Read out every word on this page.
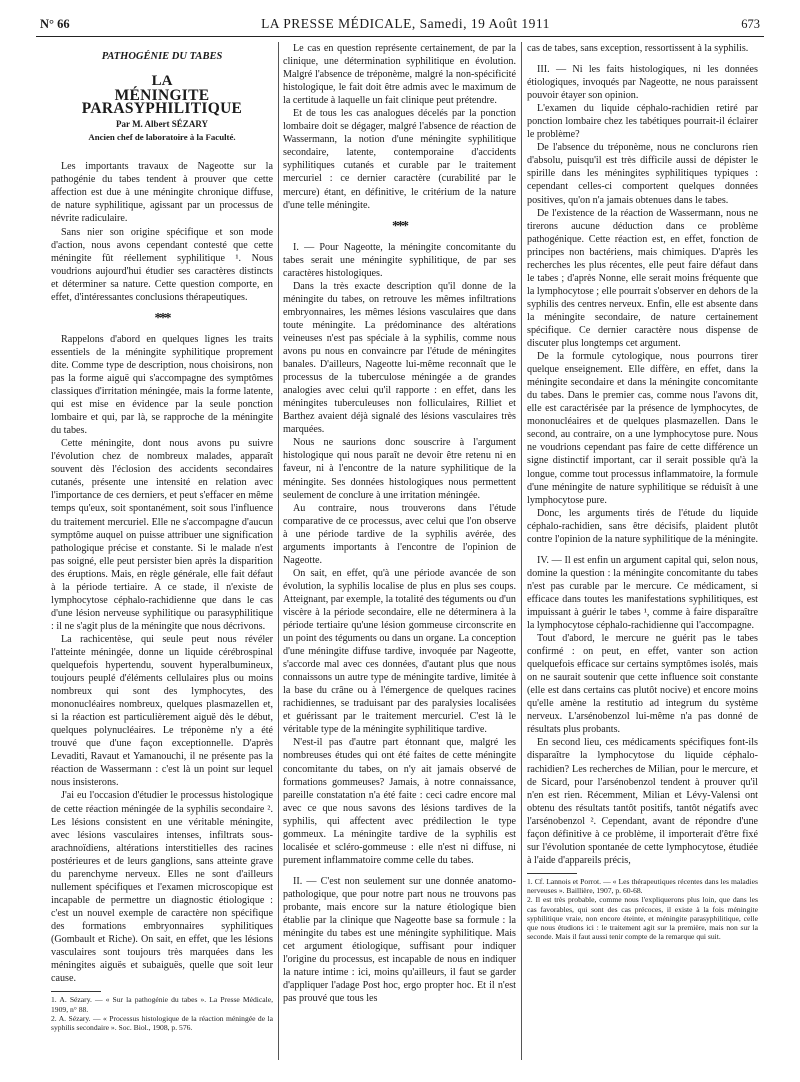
N° 66	LA PRESSE MÉDICALE, Samedi, 19 Août 1911	673

PATHOGÉNIE DU TABES

LA

MÉNINGITE PARASYPHILITIQUE

Par M. Albert SÉZARY

Ancien chef de laboratoire à la Faculté.

Les importants travaux de Nageotte sur la pathogénie du tabes tendent à prouver que cette affection est due à une méningite chronique diffuse, de nature syphilitique, agissant par un processus de névrite radiculaire.

Sans nier son origine spécifique et son mode d'action, nous avons cependant contesté que cette méningite fût réellement syphilitique ¹. Nous voudrions aujourd'hui étudier ses caractères distincts et déterminer sa nature. Cette question comporte, en effet, d'intéressantes conclusions thérapeutiques.

***

Rappelons d'abord en quelques lignes les traits essentiels de la méningite syphilitique proprement dite. Comme type de description, nous choisirons, non pas la forme aiguë qui s'accompagne des symptômes classiques d'irritation méningée, mais la forme latente, qui est mise en évidence par la seule ponction lombaire et qui, par là, se rapproche de la méningite du tabes.

Cette méningite, dont nous avons pu suivre l'évolution chez de nombreux malades, apparaît souvent dès l'éclosion des accidents secondaires cutanés, présente une intensité en relation avec l'importance de ces derniers, et peut s'effacer en même temps qu'eux, soit spontanément, soit sous l'influence du traitement mercuriel. Elle ne s'accompagne d'aucun symptôme auquel on puisse attribuer une signification pathologique précise et constante. Si le malade n'est pas soigné, elle peut persister bien après la disparition des éruptions. Mais, en règle générale, elle fait défaut à la période tertiaire. A ce stade, il n'existe de lymphocytose céphalo-rachidienne que dans le cas d'une lésion nerveuse syphilitique ou parasyphilitique : il ne s'agit plus de la méningite que nous décrivons.

La rachicentèse, qui seule peut nous révéler l'atteinte méningée, donne un liquide cérébrospinal quelquefois hypertendu, souvent hyperalbumineux, toujours peuplé d'éléments cellulaires plus ou moins nombreux qui sont des lymphocytes, des mononucléaires nombreux, quelques plasmazellen et, si la réaction est particulièrement aiguë dès le début, quelques polynucléaires. Le tréponème n'y a été trouvé que d'une façon exceptionnelle. D'après Levaditi, Ravaut et Yamanouchi, il ne présente pas la réaction de Wassermann : c'est là un point sur lequel nous insisterons.

J'ai eu l'occasion d'étudier le processus histologique de cette réaction méningée de la syphilis secondaire ². Les lésions consistent en une véritable méningite, avec lésions vasculaires intenses, infiltrats sous-arachnoïdiens, altérations interstitielles des racines postérieures et de leurs ganglions, sans atteinte grave du parenchyme nerveux. Elles ne sont d'ailleurs nullement spécifiques et l'examen microscopique est incapable de permettre un diagnostic étiologique : c'est un nouvel exemple de caractère non spécifique des formations embryonnaires syphilitiques (Gombault et Riche). On sait, en effet, que les lésions vasculaires sont toujours très marquées dans les méningites aiguës et subaiguës, quelle que soit leur cause.

1. A. Sézary. — « Sur la pathogénie du tabes ». La Presse Médicale, 1909, n° 88.

2. A. Sézary. — « Processus histologique de la réaction méningée de la syphilis secondaire ». Soc. Biol., 1908, p. 576.

Le cas en question représente certainement, de par la clinique, une détermination syphilitique en évolution. Malgré l'absence de tréponème, malgré la non-spécificité histologique, le fait doit être admis avec le maximum de la certitude à laquelle un fait clinique peut prétendre.

Et de tous les cas analogues décelés par la ponction lombaire doit se dégager, malgré l'absence de réaction de Wassermann, la notion d'une méningite syphilitique secondaire, latente, contemporaine d'accidents syphilitiques cutanés et curable par le traitement mercuriel : ce dernier caractère (curabilité par le mercure) étant, en définitive, le critérium de la nature d'une telle méningite.

***

I. — Pour Nageotte, la méningite concomitante du tabes serait une méningite syphilitique, de par ses caractères histologiques.

Dans la très exacte description qu'il donne de la méningite du tabes, on retrouve les mêmes infiltrations embryonnaires, les mêmes lésions vasculaires que dans toute méningite. La prédominance des altérations veineuses n'est pas spéciale à la syphilis, comme nous avons pu nous en convaincre par l'étude de méningites banales. D'ailleurs, Nageotte lui-même reconnaît que le processus de la tuberculose méningée a de grandes analogies avec celui qu'il rapporte : en effet, dans les méningites tuberculeuses non folliculaires, Rilliet et Barthez avaient déjà signalé des lésions vasculaires très marquées.

Nous ne saurions donc souscrire à l'argument histologique qui nous paraît ne devoir être retenu ni en faveur, ni à l'encontre de la nature syphilitique de la méningite. Ses données histologiques nous permettent seulement de conclure à une irritation méningée.

Au contraire, nous trouverons dans l'étude comparative de ce processus, avec celui que l'on observe à une période tardive de la syphilis avérée, des arguments importants à l'encontre de l'opinion de Nageotte.

On sait, en effet, qu'à une période avancée de son évolution, la syphilis localise de plus en plus ses coups. Atteignant, par exemple, la totalité des téguments ou d'un viscère à la période secondaire, elle ne déterminera à la période tertiaire qu'une lésion gommeuse circonscrite en un point des téguments ou dans un organe. La conception d'une méningite diffuse tardive, invoquée par Nageotte, s'accorde mal avec ces données, d'autant plus que nous connaissons un autre type de méningite tardive, limitée à la base du crâne ou à l'émergence de quelques racines rachidiennes, se traduisant par des paralysies localisées et guérissant par le traitement mercuriel. C'est là le véritable type de la méningite syphilitique tardive.

N'est-il pas d'autre part étonnant que, malgré les nombreuses études qui ont été faites de cette méningite concomitante du tabes, on n'y ait jamais observé de formations gommeuses? Jamais, à notre connaissance, pareille constatation n'a été faite : ceci cadre encore mal avec ce que nous savons des lésions tardives de la syphilis, qui affectent avec prédilection le type gommeux. La méningite tardive de la syphilis est localisée et scléro-gommeuse : elle n'est ni diffuse, ni purement inflammatoire comme celle du tabes.

II. — C'est non seulement sur une donnée anatomo-pathologique, que pour notre part nous ne trouvons pas probante, mais encore sur la nature étiologique bien établie par la clinique que Nageotte base sa formule : la méningite du tabes est une méningite syphilitique. Mais cet argument étiologique, suffisant pour indiquer l'origine du processus, est incapable de nous en indiquer la nature intime : ici, moins qu'ailleurs, il faut se garder d'appliquer l'adage Post hoc, ergo propter hoc. Et il n'est pas prouvé que tous les

cas de tabes, sans exception, ressortissent à la syphilis.

III. — Ni les faits histologiques, ni les données étiologiques, invoqués par Nageotte, ne nous paraissent pouvoir étayer son opinion.

L'examen du liquide céphalo-rachidien retiré par ponction lombaire chez les tabétiques pourrait-il éclairer le problème?

De l'absence du tréponème, nous ne conclurons rien d'absolu, puisqu'il est très difficile aussi de dépister le spirille dans les méningites syphilitiques typiques : cependant celles-ci comportent quelques données positives, qu'on n'a jamais obtenues dans le tabes.

De l'existence de la réaction de Wassermann, nous ne tirerons aucune déduction dans ce problème pathogénique. Cette réaction est, en effet, fonction de principes non bactériens, mais chimiques. D'après les recherches les plus récentes, elle peut faire défaut dans le tabes ; d'après Nonne, elle serait moins fréquente que la lymphocytose ; elle pourrait s'observer en dehors de la syphilis des centres nerveux. Enfin, elle est absente dans la méningite secondaire, de nature certainement spécifique. Ce dernier caractère nous dispense de discuter plus longtemps cet argument.

De la formule cytologique, nous pourrons tirer quelque enseignement. Elle diffère, en effet, dans la méningite secondaire et dans la méningite concomitante du tabes. Dans le premier cas, comme nous l'avons dit, elle est caractérisée par la présence de lymphocytes, de mononucléaires et de quelques plasmazellen. Dans le second, au contraire, on a une lymphocytose pure. Nous ne voudrions cependant pas faire de cette différence un signe distinctif important, car il serait possible qu'à la longue, comme tout processus inflammatoire, la formule d'une méningite de nature syphilitique se réduisît à une lymphocytose pure.

Donc, les arguments tirés de l'étude du liquide céphalo-rachidien, sans être décisifs, plaident plutôt contre l'opinion de la nature syphilitique de la méningite.

IV. — Il est enfin un argument capital qui, selon nous, domine la question : la méningite concomitante du tabes n'est pas curable par le mercure. Ce médicament, si efficace dans toutes les manifestations syphilitiques, est impuissant à guérir le tabes ¹, comme à faire disparaître la lymphocytose céphalo-rachidienne qui l'accompagne.

Tout d'abord, le mercure ne guérit pas le tabes confirmé : on peut, en effet, vanter son action quelquefois efficace sur certains symptômes isolés, mais on ne saurait soutenir que cette influence soit constante (elle est dans certains cas plutôt nocive) et encore moins qu'elle amène la restitutio ad integrum du système nerveux. L'arsénobenzol lui-même n'a pas donné de résultats plus probants.

En second lieu, ces médicaments spécifiques font-ils disparaître la lymphocytose du liquide céphalo-rachidien? Les recherches de Milian, pour le mercure, et de Sicard, pour l'arsénobenzol tendent à prouver qu'il n'en est rien. Récemment, Milian et Lévy-Valensi ont obtenu des résultats tantôt positifs, tantôt négatifs avec l'arsénobenzol ². Cependant, avant de répondre d'une façon définitive à ce problème, il importerait d'être fixé sur l'évolution spontanée de cette lymphocytose, étudiée à l'aide d'appareils précis,

1. Cf. Lannois et Porrot. — « Les thérapeutiques récentes dans les maladies nerveuses ». Baillière, 1907, p. 60-68.

2. Il est très probable, comme nous l'expliquerons plus loin, que dans les cas favorables, qui sont des cas précoces, il existe à la fois méningite syphilitique vraie, non encore éteinte, et méningite parasyphilitique, celle que nous étudions ici : le traitement agit sur la première, mais non sur la seconde. Mais il faut aussi tenir compte de la remarque qui suit.
